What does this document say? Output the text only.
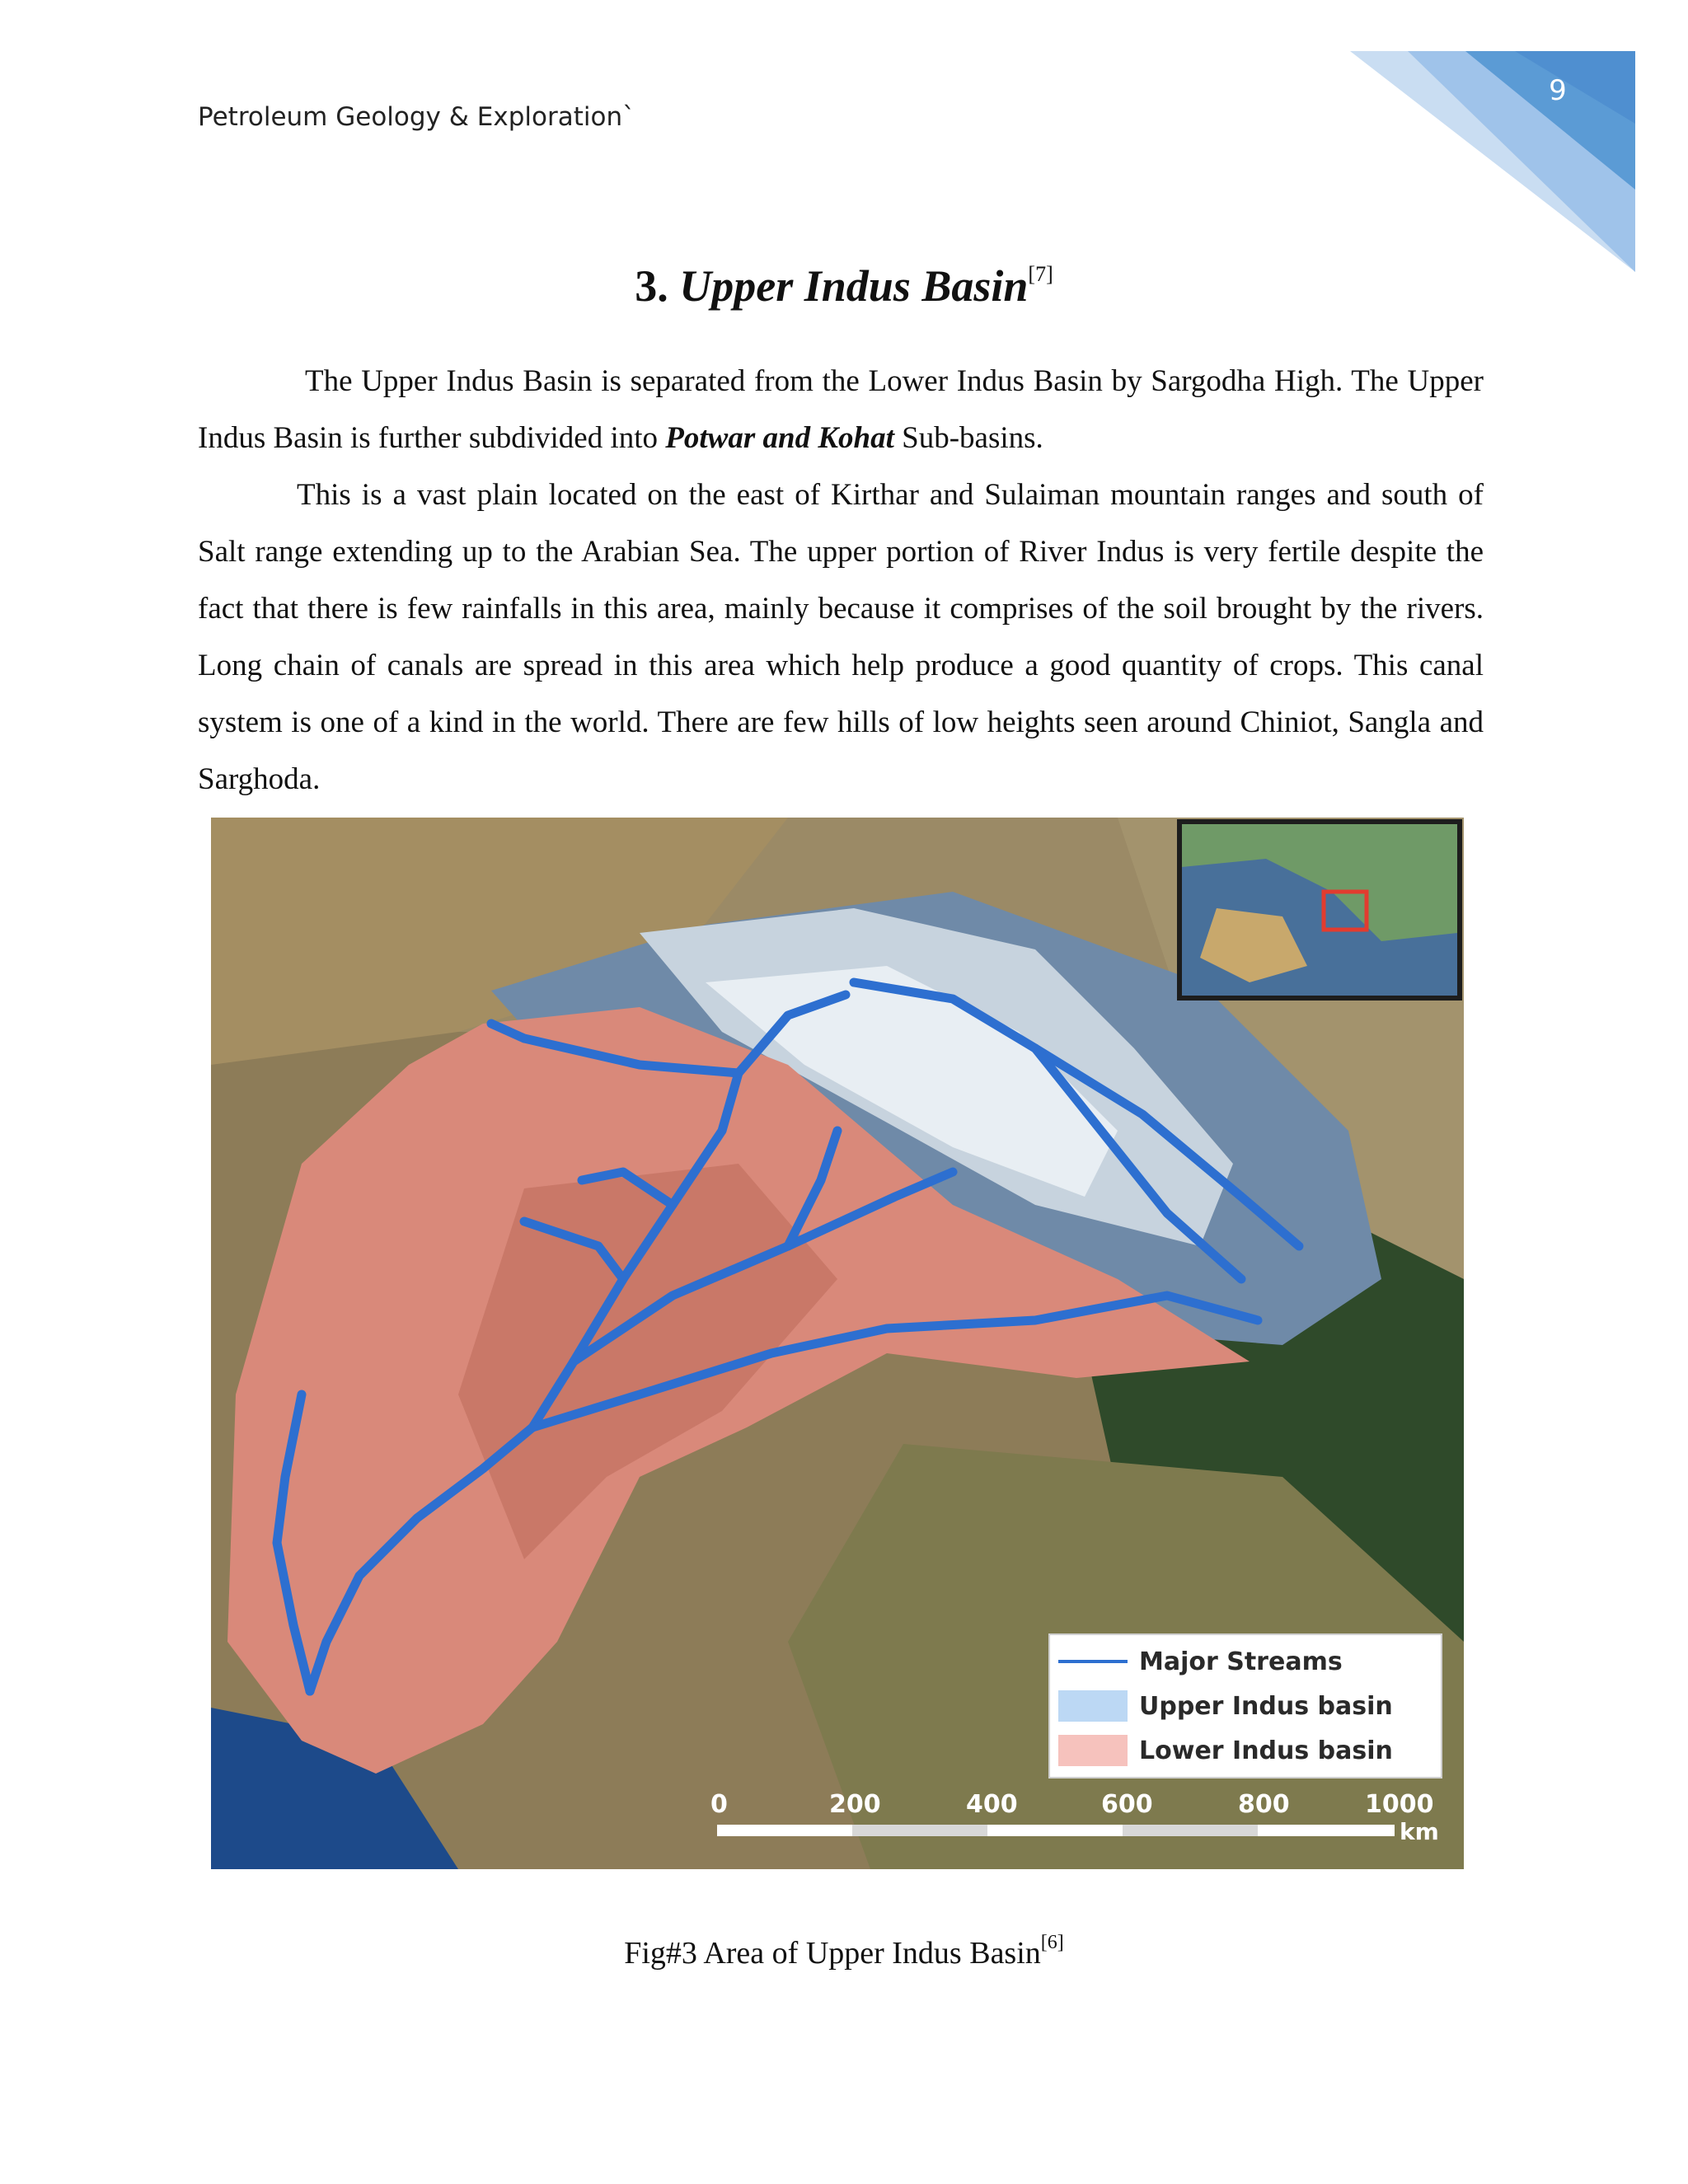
Petroleum Geology & Exploration`
9
3. Upper Indus Basin[7]

The Upper Indus Basin is separated from the Lower Indus Basin by Sargodha High. The Upper Indus Basin is further subdivided into Potwar and Kohat Sub-basins.

This is a vast plain located on the east of Kirthar and Sulaiman mountain ranges and south of Salt range extending up to the Arabian Sea. The upper portion of River Indus is very fertile despite the fact that there is few rainfalls in this area, mainly because it comprises of the soil brought by the rivers. Long chain of canals are spread in this area which help produce a good quantity of crops. This canal system is one of a kind in the world. There are few hills of low heights seen around Chiniot, Sangla and Sarghoda.

Major Streams
Upper Indus basin
Lower Indus basin
0	200	400	600	800	1000
km
Fig#3 Area of Upper Indus Basin[6]
